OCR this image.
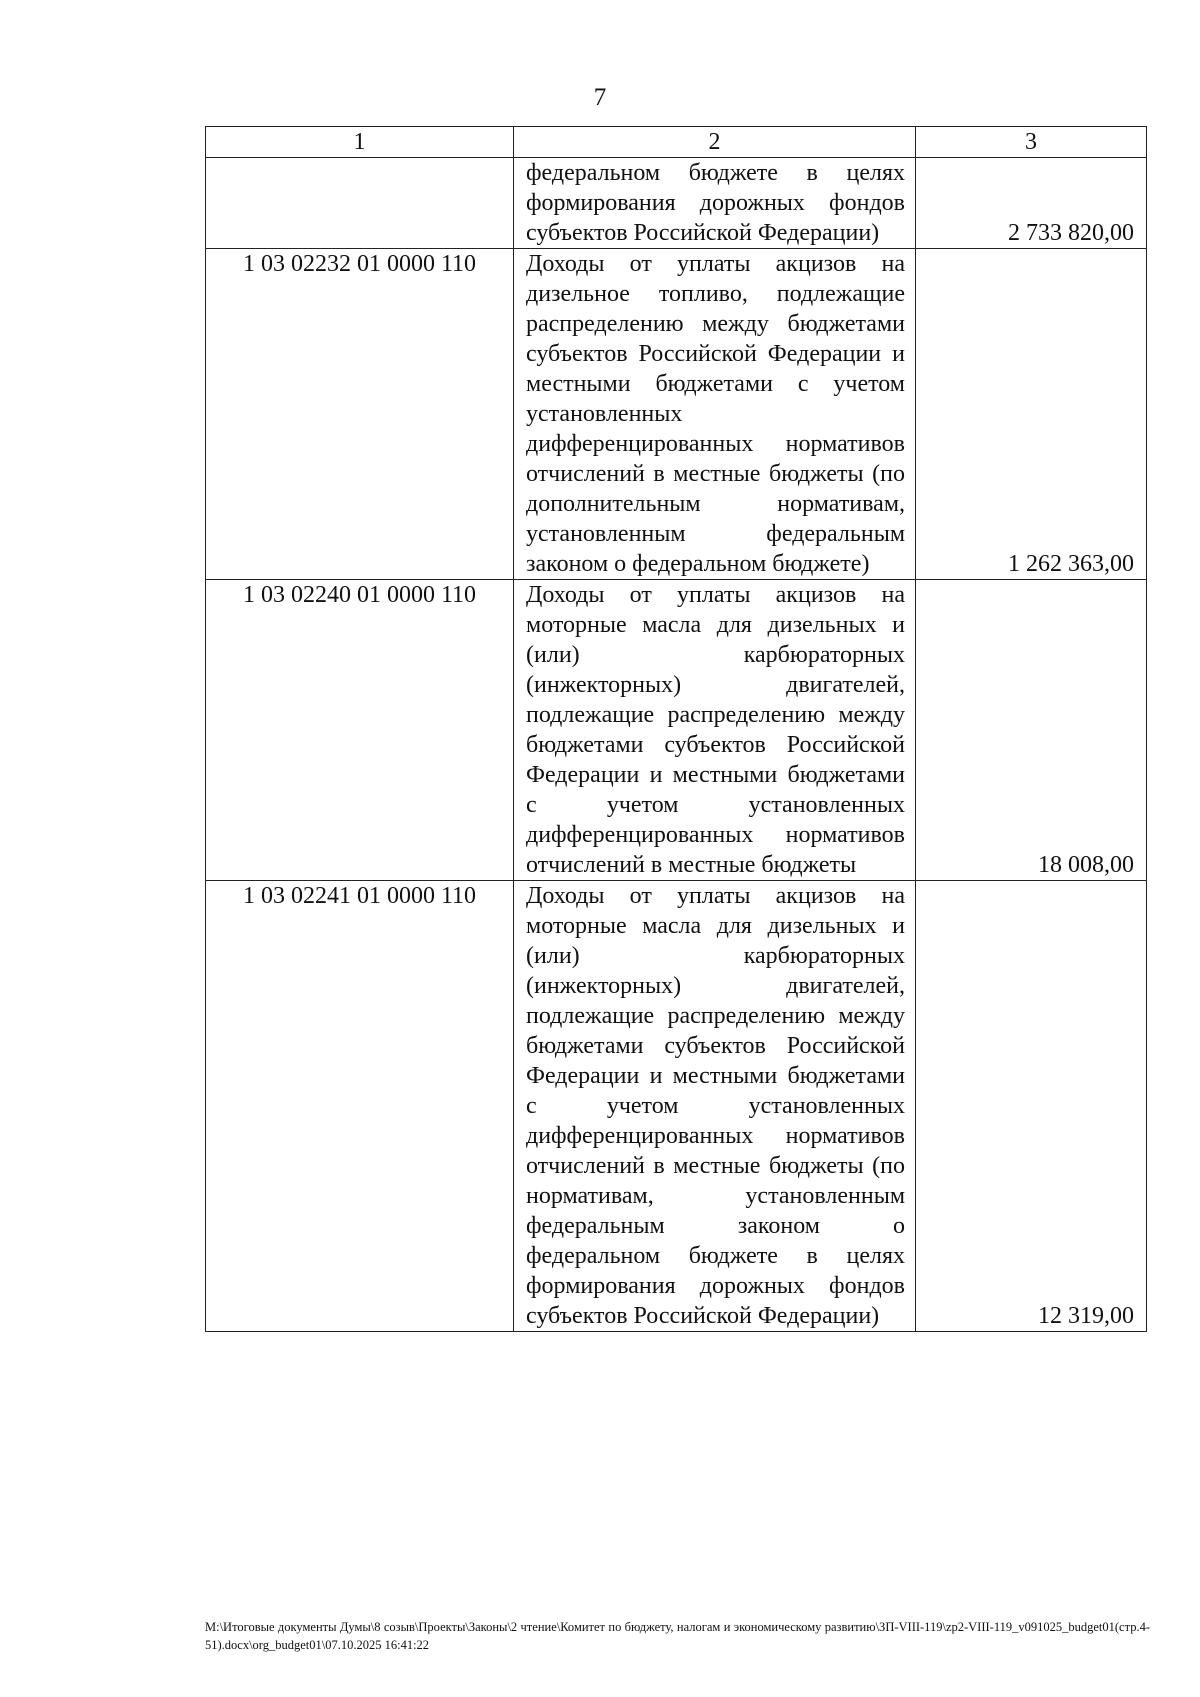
7
1	2	3
	федеральном бюджете в целях формирования дорожных фондов субъектов Российской Федерации)	2 733 820,00
1 03 02232 01 0000 110	Доходы от уплаты акцизов на дизельное топливо, подлежащие распределению между бюджетами субъектов Российской Федерации и местными бюджетами с учетом установленных дифференцированных нормативов отчислений в местные бюджеты (по дополнительным нормативам, установленным федеральным законом о федеральном бюджете)	1 262 363,00
1 03 02240 01 0000 110	Доходы от уплаты акцизов на моторные масла для дизельных и (или) карбюраторных (инжекторных) двигателей, подлежащие распределению между бюджетами субъектов Российской Федерации и местными бюджетами с учетом установленных дифференцированных нормативов отчислений в местные бюджеты	18 008,00
1 03 02241 01 0000 110	Доходы от уплаты акцизов на моторные масла для дизельных и (или) карбюраторных (инжекторных) двигателей, подлежащие распределению между бюджетами субъектов Российской Федерации и местными бюджетами с учетом установленных дифференцированных нормативов отчислений в местные бюджеты (по нормативам, установленным федеральным законом о федеральном бюджете в целях формирования дорожных фондов субъектов Российской Федерации)	12 319,00
M:\Итоговые документы Думы\8 созыв\Проекты\Законы\2 чтение\Комитет по бюджету, налогам и экономическому развитию\ЗП-VIII-119\zp2-VIII-119_v091025_budget01(стр.4-51).docx\org_budget01\07.10.2025 16:41:22
